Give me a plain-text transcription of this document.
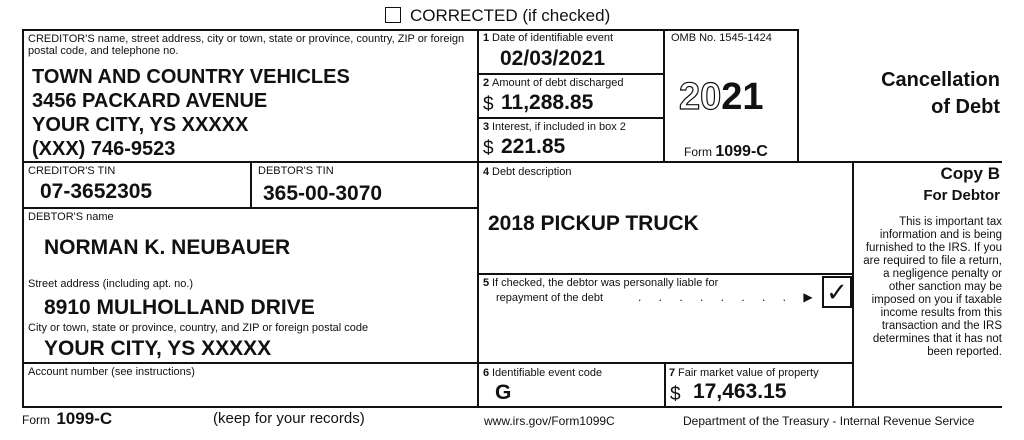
CORRECTED (if checked)
CREDITOR'S name, street address, city or town, state or province, country, ZIP or foreign postal code, and telephone no.
TOWN AND COUNTRY VEHICLES
3456 PACKARD AVENUE
YOUR CITY, YS XXXXX
(XXX) 746-9523
1 Date of identifiable event
02/03/2021
2 Amount of debt discharged
$ 11,288.85
3 Interest, if included in box 2
$ 221.85
OMB No. 1545-1424
2021
Form 1099-C
Cancellation
of Debt
CREDITOR'S TIN
07-3652305
DEBTOR'S TIN
365-00-3070
4 Debt description
2018 PICKUP TRUCK
Copy B
For Debtor
This is important tax information and is being furnished to the IRS. If you are required to file a return, a negligence penalty or other sanction may be imposed on you if taxable income results from this transaction and the IRS determines that it has not been reported.
DEBTOR'S name
NORMAN K. NEUBAUER
Street address (including apt. no.)
8910 MULHOLLAND DRIVE
City or town, state or province, country, and ZIP or foreign postal code
YOUR CITY, YS XXXXX
5 If checked, the debtor was personally liable for
repayment of the debt	. . . . . . . . ▶ ✓
Account number (see instructions)	6 Identifiable event code
G
7 Fair market value of property
$ 17,463.15
Form 1099-C	(keep for your records)	www.irs.gov/Form1099C	Department of the Treasury - Internal Revenue Service
